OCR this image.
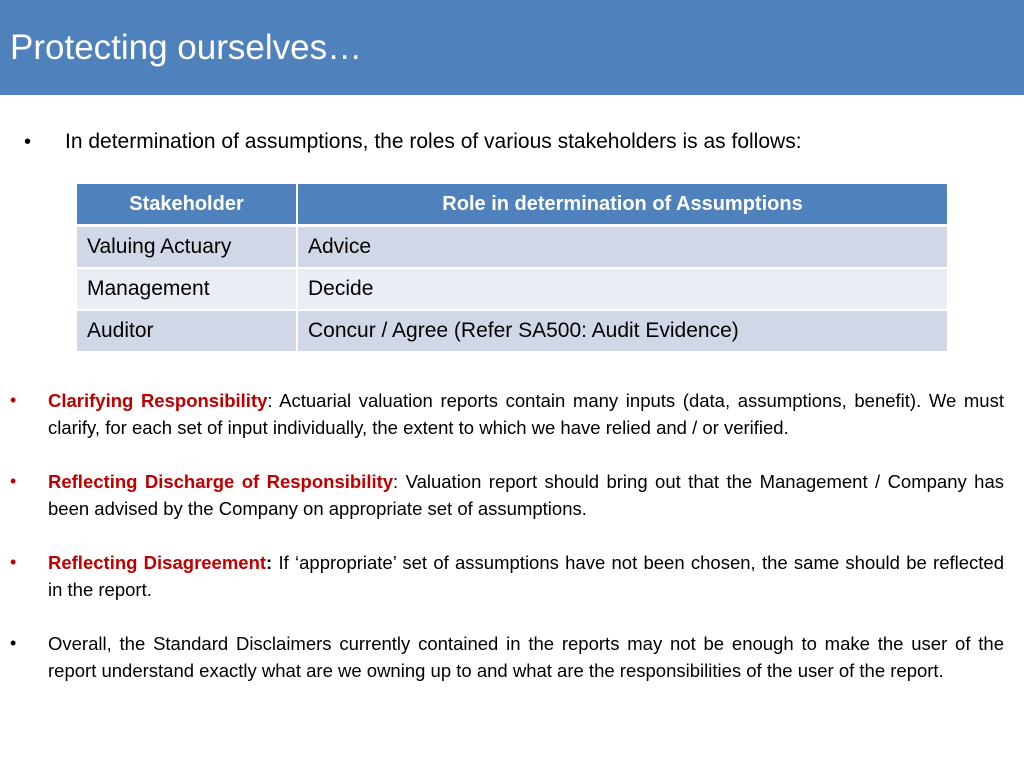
Protecting ourselves…
• In determination of assumptions, the roles of various stakeholders is as follows:
Stakeholder	Role in determination of Assumptions
Valuing Actuary	Advice
Management	Decide
Auditor	Concur / Agree (Refer SA500: Audit Evidence)
• Clarifying Responsibility: Actuarial valuation reports contain many inputs (data, assumptions, benefit). We must clarify, for each set of input individually, the extent to which we have relied and / or verified.
• Reflecting Discharge of Responsibility: Valuation report should bring out that the Management / Company has been advised by the Company on appropriate set of assumptions.
• Reflecting Disagreement: If ‘appropriate’ set of assumptions have not been chosen, the same should be reflected in the report.
• Overall, the Standard Disclaimers currently contained in the reports may not be enough to make the user of the report understand exactly what are we owning up to and what are the responsibilities of the user of the report.
